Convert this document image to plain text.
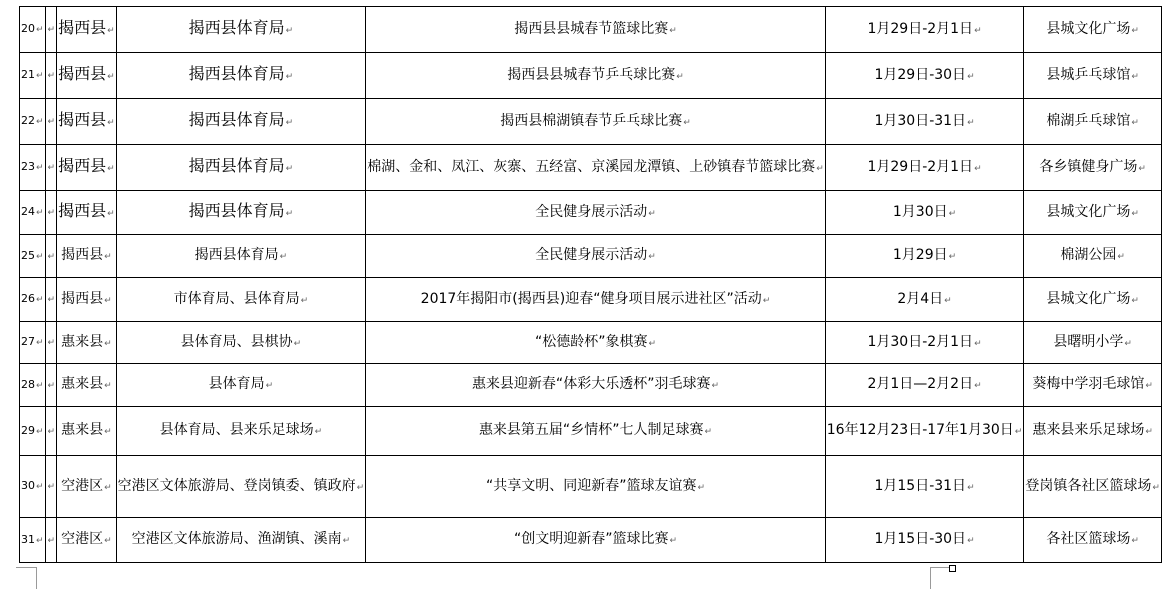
20↵	↵	揭西县↵	揭西县体育局↵	揭西县县城春节篮球比赛↵	1月29日-2月1日↵	县城文化广场↵
21↵	↵	揭西县↵	揭西县体育局↵	揭西县县城春节乒乓球比赛↵	1月29日-30日↵	县城乒乓球馆↵
22↵	↵	揭西县↵	揭西县体育局↵	揭西县棉湖镇春节乒乓球比赛↵	1月30日-31日↵	棉湖乒乓球馆↵
23↵	↵	揭西县↵	揭西县体育局↵	棉湖、金和、凤江、灰寨、五经富、京溪园龙潭镇、上砂镇春节篮球比赛↵	1月29日-2月1日↵	各乡镇健身广场↵
24↵	↵	揭西县↵	揭西县体育局↵	全民健身展示活动↵	1月30日↵	县城文化广场↵
25↵	↵	揭西县↵	揭西县体育局↵	全民健身展示活动↵	1月29日↵	棉湖公园↵
26↵	↵	揭西县↵	市体育局、县体育局↵	2017年揭阳市(揭西县)迎春“健身项目展示进社区”活动↵	2月4日↵	县城文化广场↵
27↵	↵	惠来县↵	县体育局、县棋协↵	“松德龄杯”象棋赛↵	1月30日-2月1日↵	县曙明小学↵
28↵	↵	惠来县↵	县体育局↵	惠来县迎新春“体彩大乐透杯”羽毛球赛↵	2月1日—2月2日↵	葵梅中学羽毛球馆↵
29↵	↵	惠来县↵	县体育局、县来乐足球场↵	惠来县第五届“乡情杯”七人制足球赛↵	16年12月23日-17年1月30日↵	惠来县来乐足球场↵
30↵	↵	空港区↵	空港区文体旅游局、登岗镇委、镇政府↵	“共享文明、同迎新春”篮球友谊赛↵	1月15日-31日↵	登岗镇各社区篮球场↵
31↵	↵	空港区↵	空港区文体旅游局、渔湖镇、溪南↵	“创文明迎新春”篮球比赛↵	1月15日-30日↵	各社区篮球场↵
